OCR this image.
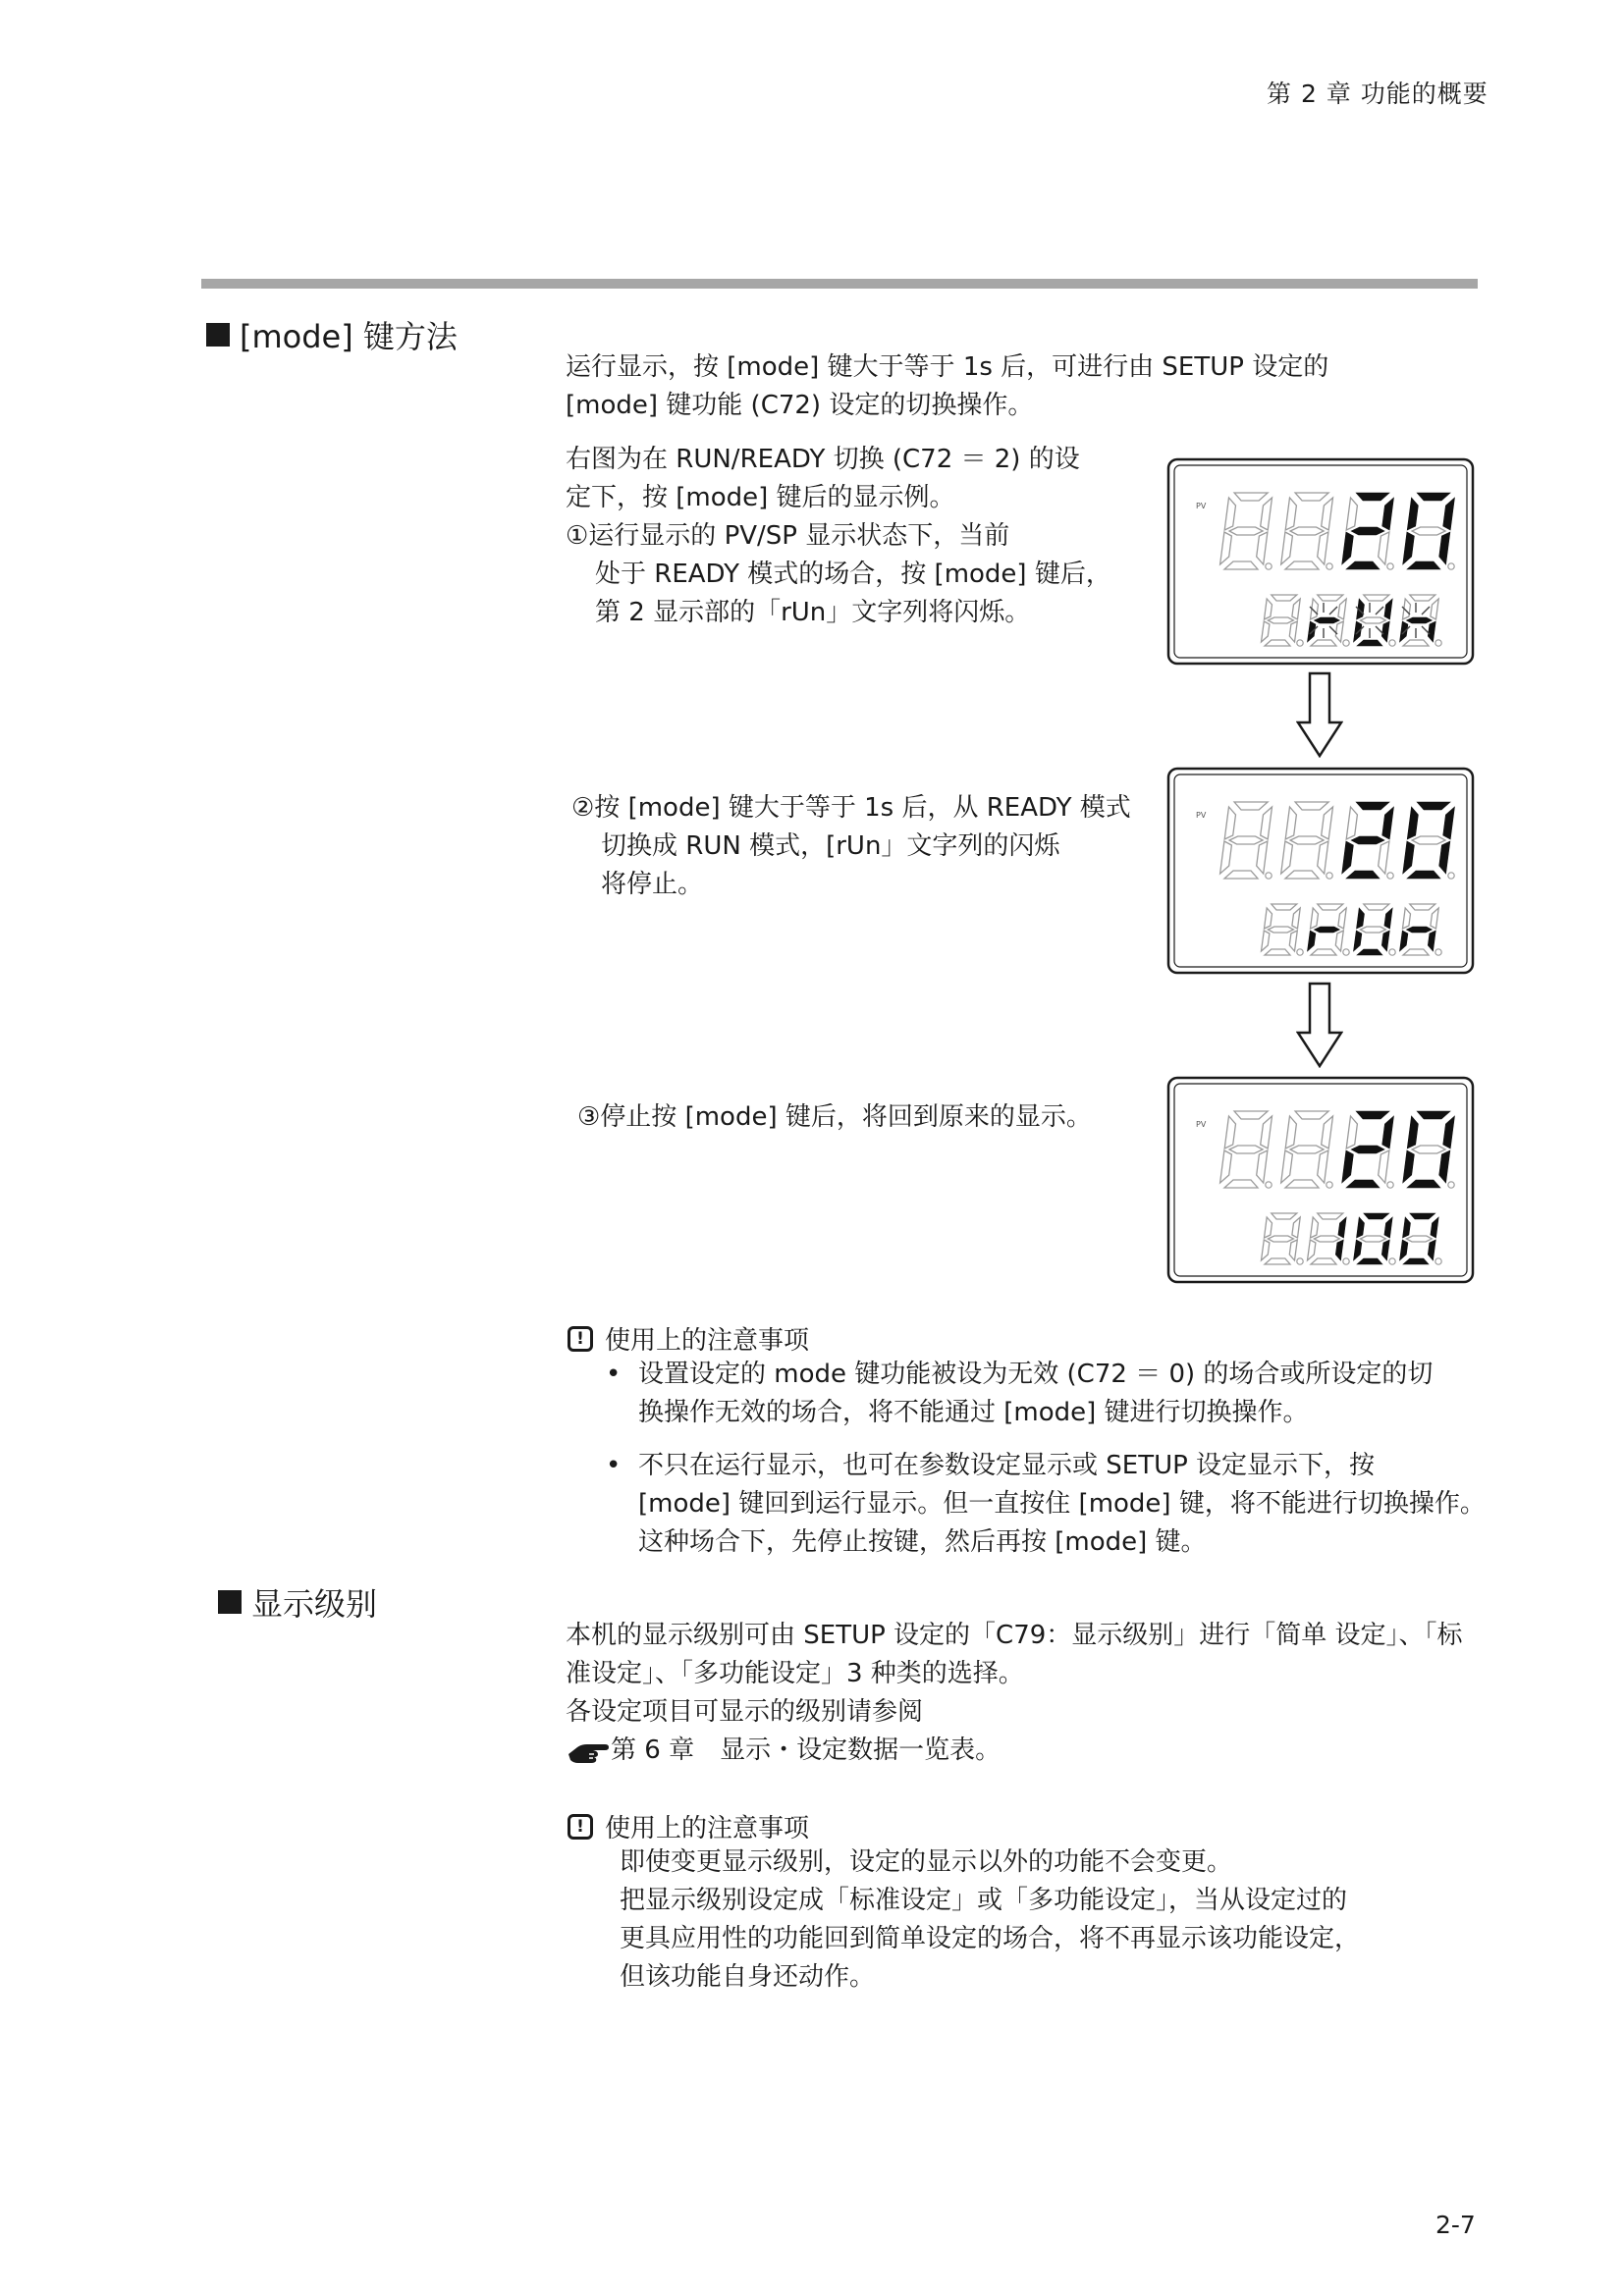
第 2 章 功能的概要
[mode] 键方法
运行显示，按 [mode] 键大于等于 1s 后，可进行由 SETUP 设定的
[mode] 键功能 (C72) 设定的切换操作。
右图为在 RUN/READY 切换 (C72 ＝ 2) 的设
定下，按 [mode] 键后的显示例。
①运行显示的 PV/SP 显示状态下，当前
处于 READY 模式的场合，按 [mode] 键后，
第 2 显示部的「rUn」文字列将闪烁。
②按 [mode] 键大于等于 1s 后，从 READY 模式
切换成 RUN 模式，[rUn」文字列的闪烁
将停止。
③停止按 [mode] 键后，将回到原来的显示。
PV
PV
PV
! 使用上的注意事项
• 设置设定的 mode 键功能被设为无效 (C72 ＝ 0) 的场合或所设定的切
换操作无效的场合，将不能通过 [mode] 键进行切换操作。
• 不只在运行显示，也可在参数设定显示或 SETUP 设定显示下，按
[mode] 键回到运行显示。但一直按住 [mode] 键，将不能进行切换操作。
这种场合下，先停止按键，然后再按 [mode] 键。
显示级别
本机的显示级别可由 SETUP 设定的「C79：显示级别」进行「简单 设定」、「标
准设定」、「多功能设定」3 种类的选择。
各设定项目可显示的级别请参阅
第 6 章　显示・设定数据一览表。
! 使用上的注意事项
即使变更显示级别，设定的显示以外的功能不会变更。
把显示级别设定成「标准设定」或「多功能设定」，当从设定过的
更具应用性的功能回到简单设定的场合，将不再显示该功能设定，
但该功能自身还动作。
2-7
